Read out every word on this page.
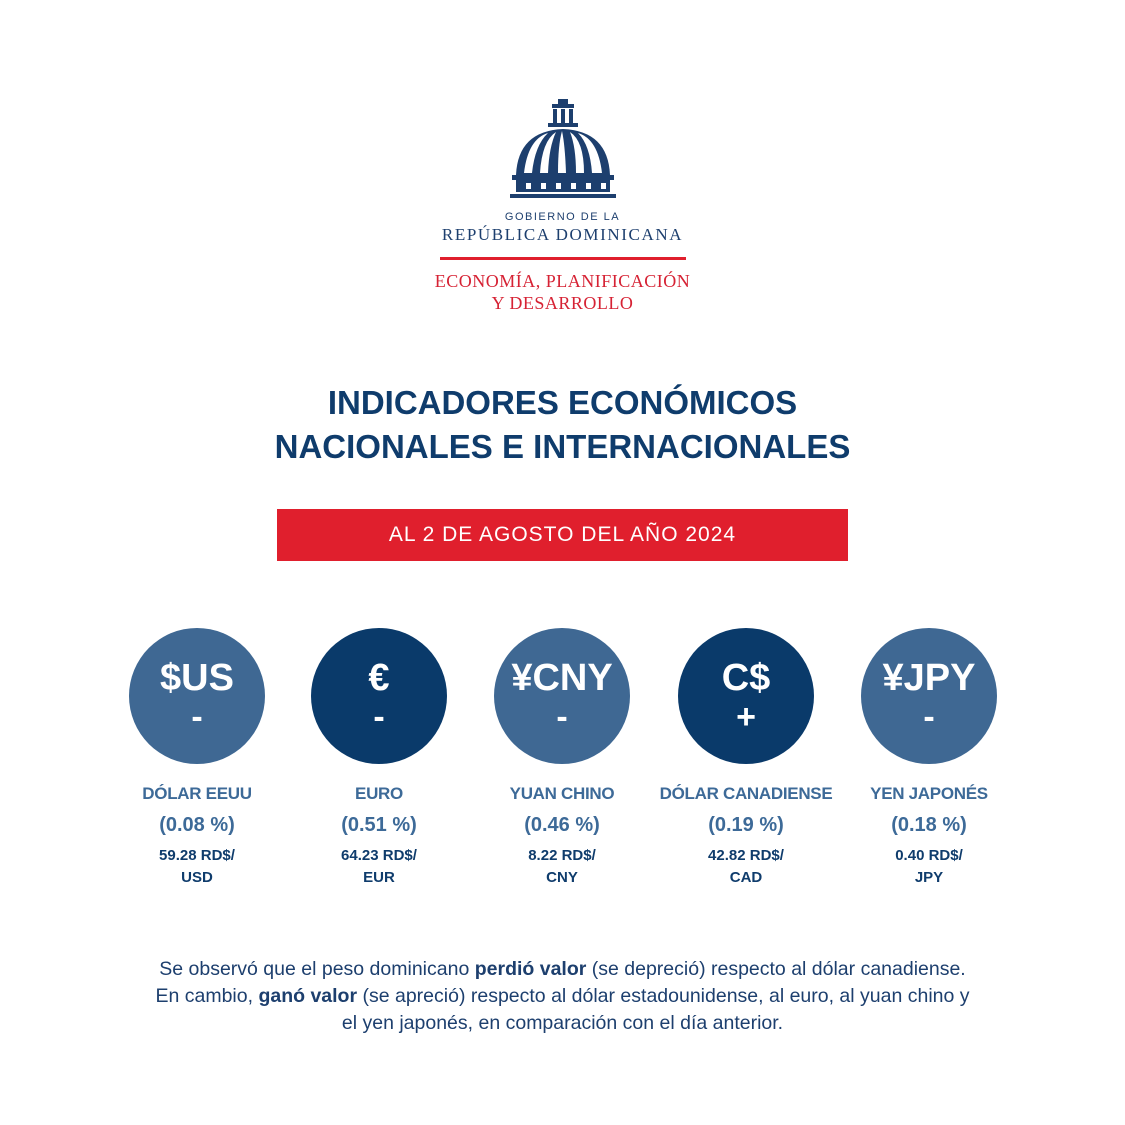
GOBIERNO DE LA
REPÚBLICA DOMINICANA
ECONOMÍA, PLANIFICACIÓN
Y DESARROLLO
INDICADORES ECONÓMICOS
NACIONALES E INTERNACIONALES
AL 2 DE AGOSTO DEL AÑO 2024
$US
-
DÓLAR EEUU
(0.08 %)
59.28 RD$/
USD
€
-
EURO
(0.51 %)
64.23 RD$/
EUR
¥CNY
-
YUAN CHINO
(0.46 %)
8.22 RD$/
CNY
C$
+
DÓLAR CANADIENSE
(0.19 %)
42.82 RD$/
CAD
¥JPY
-
YEN JAPONÉS
(0.18 %)
0.40 RD$/
JPY
Se observó que el peso dominicano perdió valor (se depreció) respecto al dólar canadiense. En cambio, ganó valor (se apreció) respecto al dólar estadounidense, al euro, al yuan chino y el yen japonés, en comparación con el día anterior.
